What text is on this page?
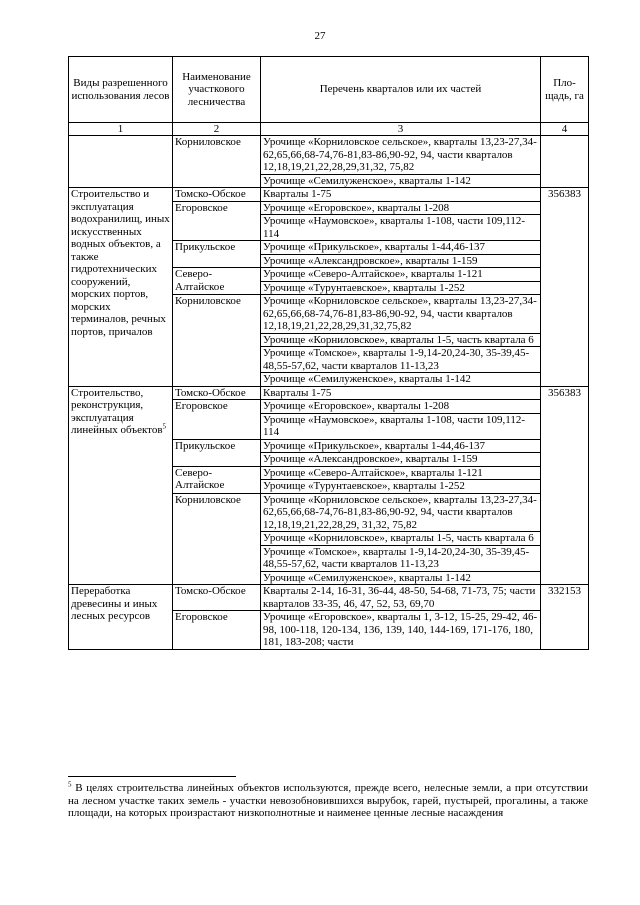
27
Виды разрешенного использования лесов	Наименование участкового лесничества	Перечень кварталов или их частей	Пло-щадь, га
1	2	3	4
	Корниловское	Урочище «Корниловское сельское», кварталы 13,23-27,34-62,65,66,68-74,76-81,83-86,90-92, 94, части кварталов 12,18,19,21,22,28,29,31,32, 75,82	
		Урочище «Семилуженское», кварталы 1-142	
Строительство и эксплуатация водохранилищ, иных искусственных водных объектов, а также гидротехнических сооружений, морских портов, морских терминалов, речных портов, причалов	Томско-Обское	Кварталы 1-75	356383
	Егоровское	Урочище «Егоровское», кварталы 1-208	
		Урочище «Наумовское», кварталы 1-108, части 109,112-114	
	Прикульское	Урочище «Прикульское», кварталы 1-44,46-137	
		Урочище «Александровское», кварталы 1-159	
	Северо-Алтайское	Урочище «Северо-Алтайское», кварталы 1-121	
		Урочище «Турунтаевское», кварталы 1-252	
	Корниловское	Урочище «Корниловское сельское», кварталы 13,23-27,34-62,65,66,68-74,76-81,83-86,90-92, 94, части кварталов 12,18,19,21,22,28,29,31,32,75,82	
		Урочище «Корниловское», кварталы 1-5, часть квартала 6	
		Урочище «Томское», кварталы 1-9,14-20,24-30, 35-39,45-48,55-57,62, части кварталов 11-13,23	
		Урочище «Семилуженское», кварталы 1-142	
Строительство, реконструкция, эксплуатация линейных объектов$^5$	Томско-Обское	Кварталы 1-75	356383
	Егоровское	Урочище «Егоровское», кварталы 1-208	
		Урочище «Наумовское», кварталы 1-108, части 109,112-114	
	Прикульское	Урочище «Прикульское», кварталы 1-44,46-137	
		Урочище «Александровское», кварталы 1-159	
	Северо-Алтайское	Урочище «Северо-Алтайское», кварталы 1-121	
		Урочище «Турунтаевское», кварталы 1-252	
	Корниловское	Урочище «Корниловское сельское», кварталы 13,23-27,34-62,65,66,68-74,76-81,83-86,90-92, 94, части кварталов 12,18,19,21,22,28,29, 31,32, 75,82	
		Урочище «Корниловское», кварталы 1-5, часть квартала 6	
		Урочище «Томское», кварталы 1-9,14-20,24-30, 35-39,45-48,55-57,62, части кварталов 11-13,23	
		Урочище «Семилуженское», кварталы 1-142	
Переработка древесины и иных лесных ресурсов	Томско-Обское	Кварталы 2-14, 16-31, 36-44, 48-50, 54-68, 71-73, 75; части кварталов 33-35, 46, 47, 52, 53, 69,70	332153
	Егоровское	Урочище «Егоровское», кварталы 1, 3-12, 15-25, 29-42, 46-98, 100-118, 120-134, 136, 139, 140, 144-169, 171-176, 180, 181, 183-208; части	
$^5$ В целях строительства линейных объектов используются, прежде всего, нелесные земли, а при отсутствии на лесном участке таких земель - участки невозобновившихся вырубок, гарей, пустырей, прогалины, а также площади, на которых произрастают низкополнотные и наименее ценные лесные насаждения
